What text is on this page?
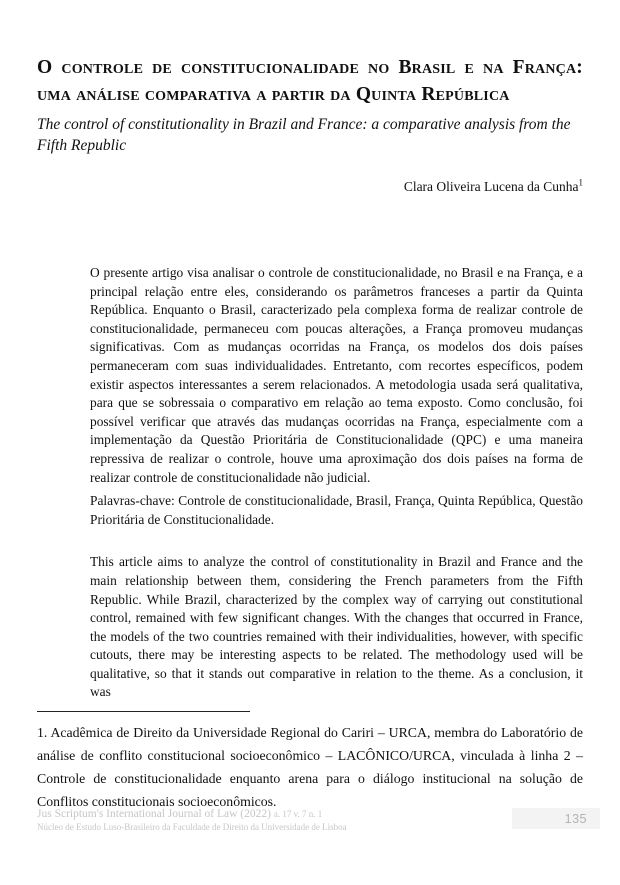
O controle de constitucionalidade no Brasil e na França: uma análise comparativa a partir da Quinta República

The control of constitutionality in Brazil and France: a comparative analysis from the Fifth Republic

Clara Oliveira Lucena da Cunha$^1$

O presente artigo visa analisar o controle de constitucionalidade, no Brasil e na França, e a principal relação entre eles, considerando os parâmetros franceses a partir da Quinta República. Enquanto o Brasil, caracterizado pela complexa forma de realizar controle de constitucionalidade, permaneceu com poucas alterações, a França promoveu mudanças significativas. Com as mudanças ocorridas na França, os modelos dos dois países permaneceram com suas individualidades. Entretanto, com recortes específicos, podem existir aspectos interessantes a serem relacionados. A metodologia usada será qualitativa, para que se sobressaia o comparativo em relação ao tema exposto. Como conclusão, foi possível verificar que através das mudanças ocorridas na França, especialmente com a implementação da Questão Prioritária de Constitucionalidade (QPC) e uma maneira repressiva de realizar o controle, houve uma aproximação dos dois países na forma de realizar controle de constitucionalidade não judicial.

Palavras-chave: Controle de constitucionalidade, Brasil, França, Quinta República, Questão Prioritária de Constitucionalidade.

This article aims to analyze the control of constitutionality in Brazil and France and the main relationship between them, considering the French parameters from the Fifth Republic. While Brazil, characterized by the complex way of carrying out constitutional control, remained with few significant changes. With the changes that occurred in France, the models of the two countries remained with their individualities, however, with specific cutouts, there may be interesting aspects to be related. The methodology used will be qualitative, so that it stands out comparative in relation to the theme. As a conclusion, it was

1. Acadêmica de Direito da Universidade Regional do Cariri – URCA, membra do Laboratório de análise de conflito constitucional socioeconômico – LACÔNICO/URCA, vinculada à linha 2 – Controle de constitucionalidade enquanto arena para o diálogo institucional na solução de Conflitos constitucionais socioeconômicos.

Jus Scriptum's International Journal of Law (2022) a. 17 v. 7 n. 1
Núcleo de Estudo Luso-Brasileiro da Faculdade de Direito da Universidade de Lisboa
135
